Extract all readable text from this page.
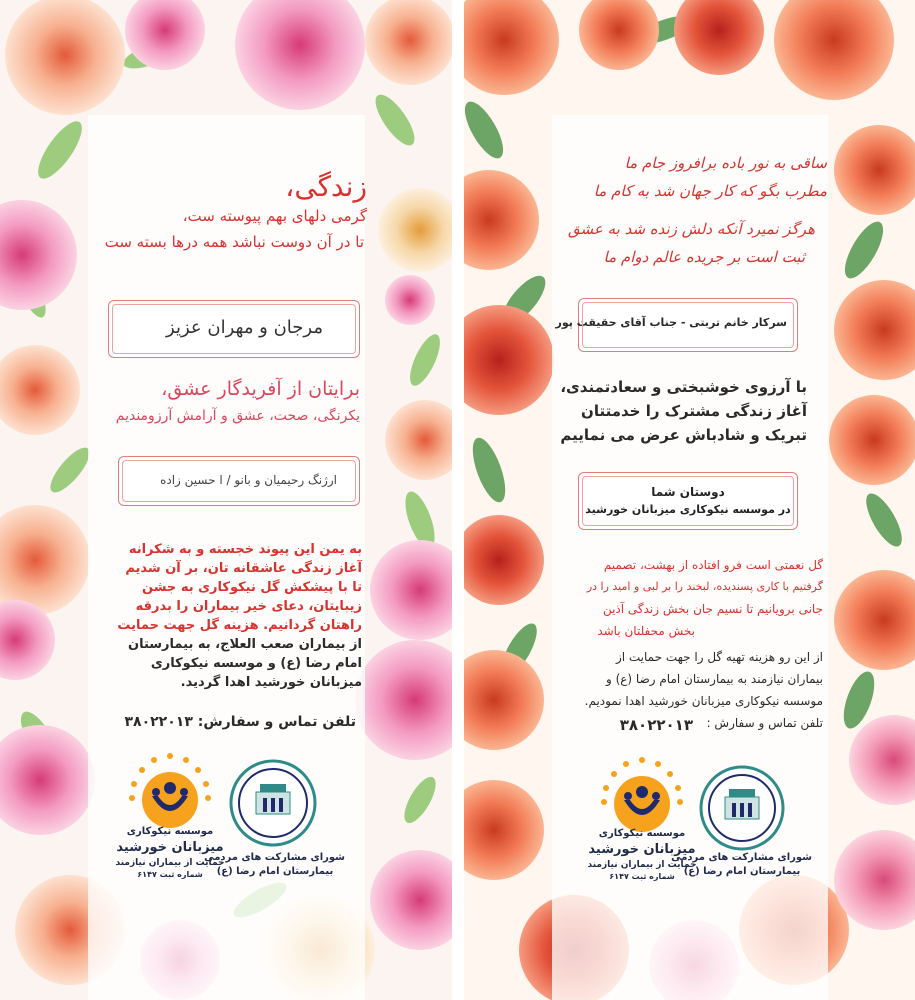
زندگی،
گرمی دلهای بهم پیوسته ست،
تا در آن دوست نباشد همه درها بسته ست
مرجان و مهران عزیز
برایتان از آفریدگار عشق،
یکرنگی، صحت، عشق و آرامش آرزومندیم
ارژنگ رحیمیان و بانو / ا حسین زاده
به یمن این پیوند خجسته و به شکرانه
آغاز زندگی عاشقانه تان، بر آن شدیم
تا با پیشکش گل نیکوکاری به جشن
زیبایتان، دعای خیر بیماران را بدرقه
راهتان گردانیم. هزینه گل جهت حمایت
از بیماران صعب العلاج، به بیمارستان
امام رضا (ع) و موسسه نیکوکاری
میزبانان خورشید اهدا گردید.
تلفن تماس و سفارش: ۳۸۰۲۲۰۱۳
شورای مشارکت های مردمی
بیمارستان امام رضا (ع)
موسسه نیکوکاری
میزبانان خورشید
حمایت از بیماران نیازمند
شماره ثبت ۶۱۴۷
ساقی به نور باده برافروز جام ما
مطرب بگو که کار جهان شد به کام ما
هرگز نمیرد آنکه دلش زنده شد به عشق
ثبت است بر جریده عالم دوام ما
سرکار خانم تربتی - جناب آقای حقیقت پور
با آرزوی خوشبختی و سعادتمندی،
آغاز زندگی مشترک را خدمتتان
تبریک و شادباش عرض می نماییم
دوستان شما
در موسسه نیکوکاری میزبانان خورشید
گل نعمتی است فرو افتاده از بهشت، تصمیم
گرفتیم با کاری پسندیده، لبخند را بر لبی و امید را در
جانی برویانیم تا نسیم جان بخش زندگی آذین
بخش محفلتان باشد
از این رو هزینه تهیه گل را جهت حمایت از
بیماران نیازمند به بیمارستان امام رضا (ع) و
موسسه نیکوکاری میزبانان خورشید اهدا نمودیم.
تلفن تماس و سفارش :
۳۸۰۲۲۰۱۳
شورای مشارکت های مردمی
بیمارستان امام رضا (ع)
موسسه نیکوکاری
میزبانان خورشید
حمایت از بیماران نیازمند
شماره ثبت ۶۱۴۷
